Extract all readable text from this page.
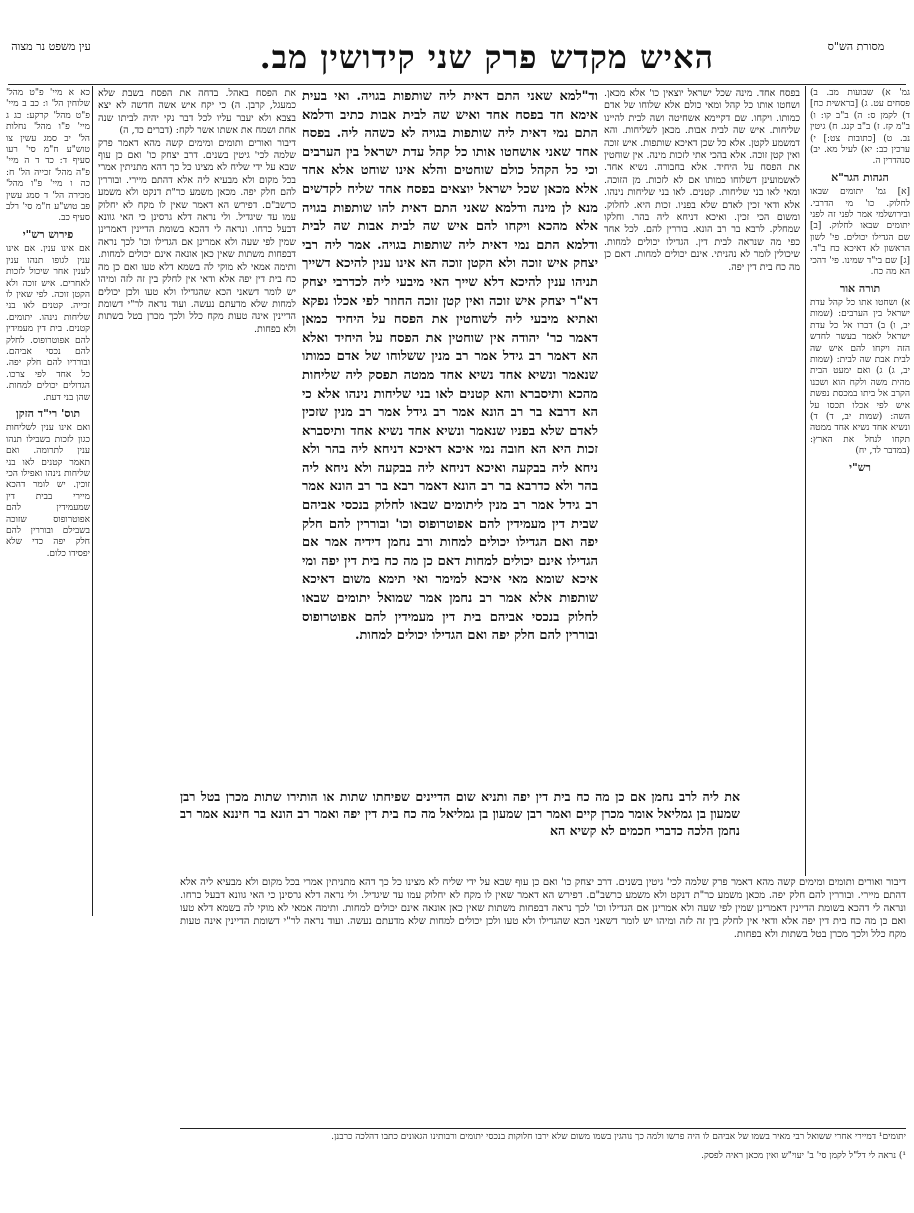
מסורת הש"ס
האיש מקדש פרק שני קידושין מב.
עין משפט נר מצוה
כא א מיי' פ"ט מהל' שלוחין הל' ו: כב ב מיי' פ"ט מהל' קרקע: כג ג מיי' פ"ו מהל' נחלות הל' יב סמג עשין צו טוש"ע ח"מ סי' רעו סעיף ד: כד ד ה מיי' פ"ה מהל' זכייה הל' ח: כה ו מיי' פ"ו מהל' מכירה הל' ד סמג עשין פב טוש"ע ח"מ סי' רלב סעיף כב.
פירוש רש"י
אם אינו ענין. אם אינו ענין לגופו תנהו ענין לענין אחר שיכול לזכות לאחרים. איש זוכה ולא הקטן זוכה. לפי שאין לו זכייה. קטנים לאו בני שליחות נינהו. יתומים. קטנים. בית דין מעמידין להם אפוטרופוס. לחלק להם נכסי אביהם. ובורריו להם חלק יפה. כל אחד לפי צרכו. הגדולים יכולים למחות. שהן בני דעת.
תוס' רי"ד הזקן
ואם אינו ענין לשליחות כגון לזכות בשבילו תנהו ענין לתרומה. ואם תאמר קטנים לאו בני שליחות נינהו ואפילו הכי זוכין. יש לומר דהכא מיירי בבית דין שמעמידין להם אפוטרופוס שזוכה בשבילם ובוררין להם חלק יפה כדי שלא יפסידו כלום.
את הפסח באהל. בדחה את הפסח בשבת שלא כמעגל, קרבן. ה) כי יקח איש אשה חדשה לא יצא בצבא ולא יעבר עליו לכל דבר נקי יהיה לביתו שנה אחת ושמח את אשתו אשר לקח: (דברים כד, ה)
דיבור ואורים ותומים ומימים קשה מהא דאמר פרק שלמה לכי' גיטין בשנים. דרב יצחק כו' ואם כן עוף שבא על ידי שליח לא מצינו כל כך דהא מתניתין אמרי בכל מקום ולא מבעיא ליה אלא דהתם מיירי. ובוררין להם חלק יפה. מכאן משמע כר"ת דנקט ולא משמע כרשב"ם. דפירש הא דאמר שאין לו מקח לא יחלוק עמו עד שיגדיל. ולי נראה דלא גרסינן כי האי גוונא דבעל כרחו. ונראה לי דהכא בשומת הדיינין דאמרינן שמין לפי שעה ולא אמרינן אם הגדילו וכו' לכך נראה דבפחות משתות שאין כאן אונאה אינם יכולים למחות. ותימה אמאי לא מוקי לה בשמא דלא טעו ואם כן מה כח בית דין יפה אלא ודאי אין לחלק בין זה לזה ומיהו יש לומר דשאני הכא שהגדילו ולא טעו ולכן יכולים למחות שלא מדעתם נעשה. ועוד נראה לר"י דשומת הדיינין אינה טעות מקח כלל ולכך מכרן בטל בשתות ולא בפחות.
וד"למא שאני התם דאית ליה שותפות בגויה. ואי בעית אימא חד בפסח אחד ואיש שה לבית אבות כתיב ודלמא התם נמי דאית ליה שותפות בגויה לא כשהה ליה. בפסח אחד שאני אושחטו אותו כל קהל עדת ישראל בין הערבים וכי כל הקהל כולם שוחטים והלא אינו שוחט אלא אחד אלא מכאן שכל ישראל יוצאים בפסח אחד שליח לקדשים מנא לן מינה ודלמא שאני התם דאית להו שותפות בגויה אלא מהכא ויקחו להם איש שה לבית אבות שה לבית ודלמא התם נמי דאית ליה שותפות בגויה. אמר ליה רבי יצחק איש זוכה ולא הקטן זוכה הא אינו ענין להיכא דשייך תניהו ענין להיכא דלא שייך האי מיבעי ליה לכדרבי יצחק דא"ר יצחק איש זוכה ואין קטן זוכה החוזר לפי אכלו נפקא ואתיא מיבעי ליה לשוחטין את הפסח על היחיד כמאן דאמר כר' יהודה אין שוחטין את הפסח על היחיד ואלא הא דאמר רב גידל אמר רב מנין ששלוחו של אדם כמותו שנאמר ונשיא אחד נשיא אחד ממטה תפסק ליה שליחות מהכא ותיסברא והא קטנים לאו בני שליחות נינהו אלא כי הא דרבא בר רב הונא אמר רב גידל אמר רב מנין שזכין לאדם שלא בפניו שנאמר ונשיא אחד נשיא אחד ותיסברא זכות היא הא חובה נמי איכא דאיכא דניחא ליה בהר ולא ניחא ליה בבקעה ואיכא דניחא ליה בבקעה ולא ניחא ליה בהר ולא כדרבא בר רב הונא דאמר רבא בר רב הונא אמר רב גידל אמר רב מנין ליתומים שבאו לחלוק בנכסי אביהם שבית דין מעמידין להם אפוטרופוס וכו' ובוררין להם חלק יפה ואם הגדילו יכולים למחות ורב נחמן דידיה אמר אם הגדילו אינם יכולים למחות דאם כן מה כח בית דין יפה ומי איכא שומא מאי איכא למימר ואי תימא משום דאיכא שותפות אלא אמר רב נחמן אמר שמואל יתומים שבאו לחלוק בנכסי אביהם בית דין מעמידין להם אפוטרופוס ובוררין להם חלק יפה ואם הגדילו יכולים למחות.
את ליה לרב נחמן אם כן מה כח בית דין יפה ותניא שום הדיינים שפיחתו שתות או הותירו שתות מכרן בטל רבן שמעון בן גמליאל אומר מכרן קיים ואמר רבן שמעון בן גמליאל מה כח בית דין יפה ואמר רב הונא בר חיננא אמר רב נחמן הלכה כדברי חכמים לא קשיא הא
בפסח אחד. מינה שכל ישראל יוצאין כו' אלא מכאן. ושחטו אותו כל קהל ומאי כולם אלא שלוחו של אדם כמותו. ויקחו. שם דקיימא אשחיטה ושה לבית להיינו שליחות. איש שה לבית אבות. מכאן לשליחות. והא דמשמע לקטן. אלא כל שכן דאיכא שותפות. איש זוכה ואין קטן זוכה. אלא בהכי אתי לזכות מינה. אין שוחטין את הפסח על היחיד. אלא בחבורה. נשיא אחד. לאשמועינן דשלוחו כמותו אם לא לזכות. מן הזוכה. ומאי לאו בני שליחות. קטנים. לאו בני שליחות נינהו. אלא ודאי זכין לאדם שלא בפניו. זכות היא. לחלוק. ומשום הכי זכין. ואיכא דניחא ליה בהר. וחלקו שמחלק. לרבא בר רב הונא. בוררין להם. לכל אחד כפי מה שנראה לבית דין. הגדילו יכולים למחות. שיכולין לומר לא נהניתי. אינם יכולים למחות. דאם כן מה כח בית דין יפה.
גמ' א) שבועות מב. ב) פסחים עט. ג) [בראשית כח] ד) לקמן ס: ה) ב"ב קו: ו) ב"מ קז. ז) ב"ב קנג. ח) גיטין נב. ט) [כתובות צט:] י) ערכין כב: יא) לעיל מא. יב) סנהדרין ה.
הגהות הגר"א
[א] גמ' יתומים שבאו לחלוק. כו' מי הדרבי. ובירושלמי אמר לפני זה לפני יתומים שבאו לחלוק. [ב] שם הגדילו יכולים. פי' לשון הראשון לא דאיכא כח ב"ד. [ג] שם בי"ד שמינו. פי' דהכי הא מה כח.
תורה אור
א) ושחטו אתו כל קהל עדת ישראל בין הערבים: (שמות יב, ו) ב) דברו אל כל עדת ישראל לאמר בעשר לחדש הזה ויקחו להם איש שה לבית אבת שה לבית: (שמות יב, ג) ג) ואם ימעט הבית מהית משה ולקח הוא ושכנו הקרב אל ביתו במכסת נפשת איש לפי אכלו תכסו על השה: (שמות יב, ד) ד) ונשיא אחד נשיא אחד ממטה תקחו לנחל את הארץ: (במדבר לד, יח)
רש"י
דיבור ואורים ותומים ומימים קשה מהא דאמר פרק שלמה לכי' גיטין בשנים. דרב יצחק כו' ואם כן עוף שבא על ידי שליח לא מצינו כל כך דהא מתניתין אמרי בכל מקום ולא מבעיא ליה אלא דהתם מיירי. ובוררין להם חלק יפה. מכאן משמע כר"ת דנקט ולא משמע כרשב"ם. דפירש הא דאמר שאין לו מקח לא יחלוק עמו עד שיגדיל. ולי נראה דלא גרסינן כי האי גוונא דבעל כרחו. ונראה לי דהכא בשומת הדיינין דאמרינן שמין לפי שעה ולא אמרינן אם הגדילו וכו' לכך נראה דבפחות משתות שאין כאן אונאה אינם יכולים למחות. ותימה אמאי לא מוקי לה בשמא דלא טעו ואם כן מה כח בית דין יפה אלא ודאי אין לחלק בין זה לזה ומיהו יש לומר דשאני הכא שהגדילו ולא טעו ולכן יכולים למחות שלא מדעתם נעשה. ועוד נראה לר"י דשומת הדיינין אינה טעות מקח כלל ולכך מכרן בטל בשתות ולא בפחות.
יתומים¹ דמיירי אחרי ששואל רבי מאיר בשמו של אביהם לו היה פרשו ולמה כך נוהגין בשמו משום שלא ירבו חלוקות בנכסי יתומים ורבותינו הגאונים כתבו דהלכה כרבנן.
¹) נראה לי דל"ל לקמן סי' ב' יעוי"ש ואין מכאן ראיה לפסק.
